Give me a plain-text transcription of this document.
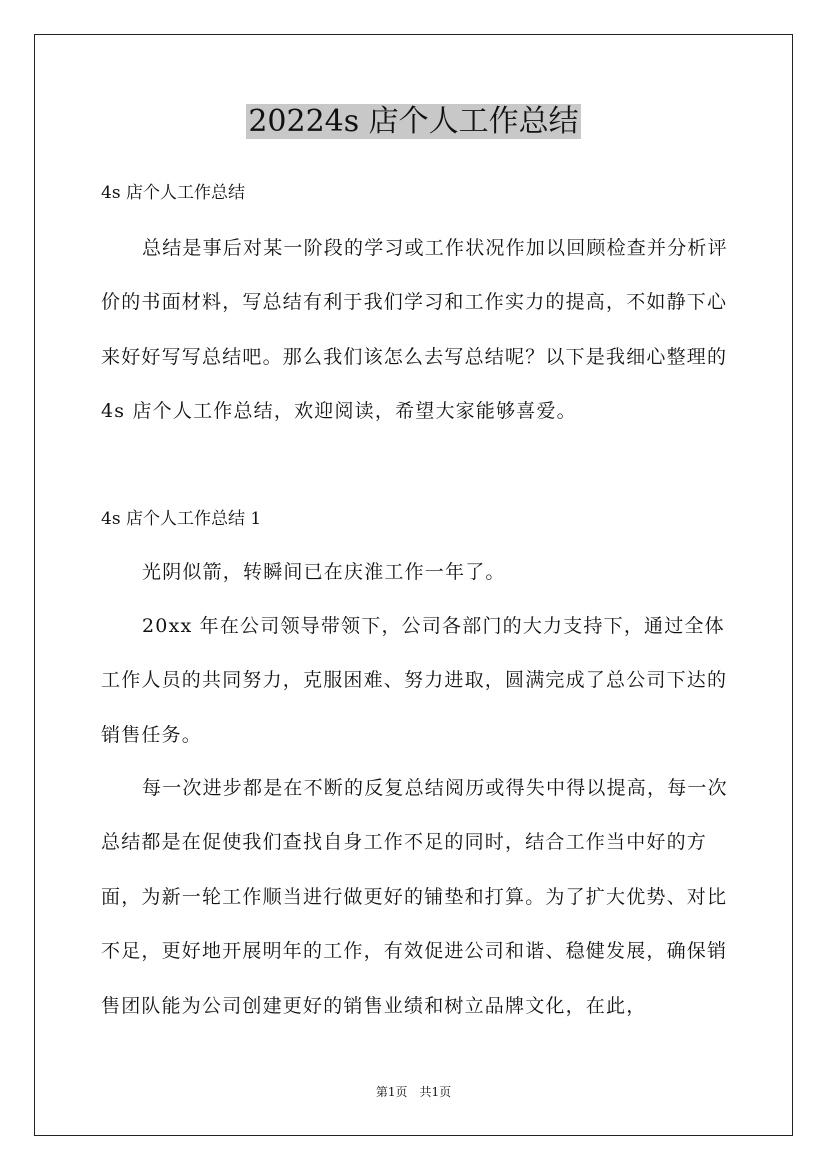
20224s 店个人工作总结

4s 店个人工作总结

总结是事后对某一阶段的学习或工作状况作加以回顾检查并分析评价的书面材料，写总结有利于我们学习和工作实力的提高，不如静下心来好好写写总结吧。那么我们该怎么去写总结呢？以下是我细心整理的 4s 店个人工作总结，欢迎阅读，希望大家能够喜爱。

4s 店个人工作总结 1

光阴似箭，转瞬间已在庆淮工作一年了。

20xx 年在公司领导带领下，公司各部门的大力支持下，通过全体工作人员的共同努力，克服困难、努力进取，圆满完成了总公司下达的销售任务。

每一次进步都是在不断的反复总结阅历或得失中得以提高，每一次总结都是在促使我们查找自身工作不足的同时，结合工作当中好的方面，为新一轮工作顺当进行做更好的铺垫和打算。为了扩大优势、对比不足，更好地开展明年的工作，有效促进公司和谐、稳健发展，确保销售团队能为公司创建更好的销售业绩和树立品牌文化，在此，

第1页　共1页
